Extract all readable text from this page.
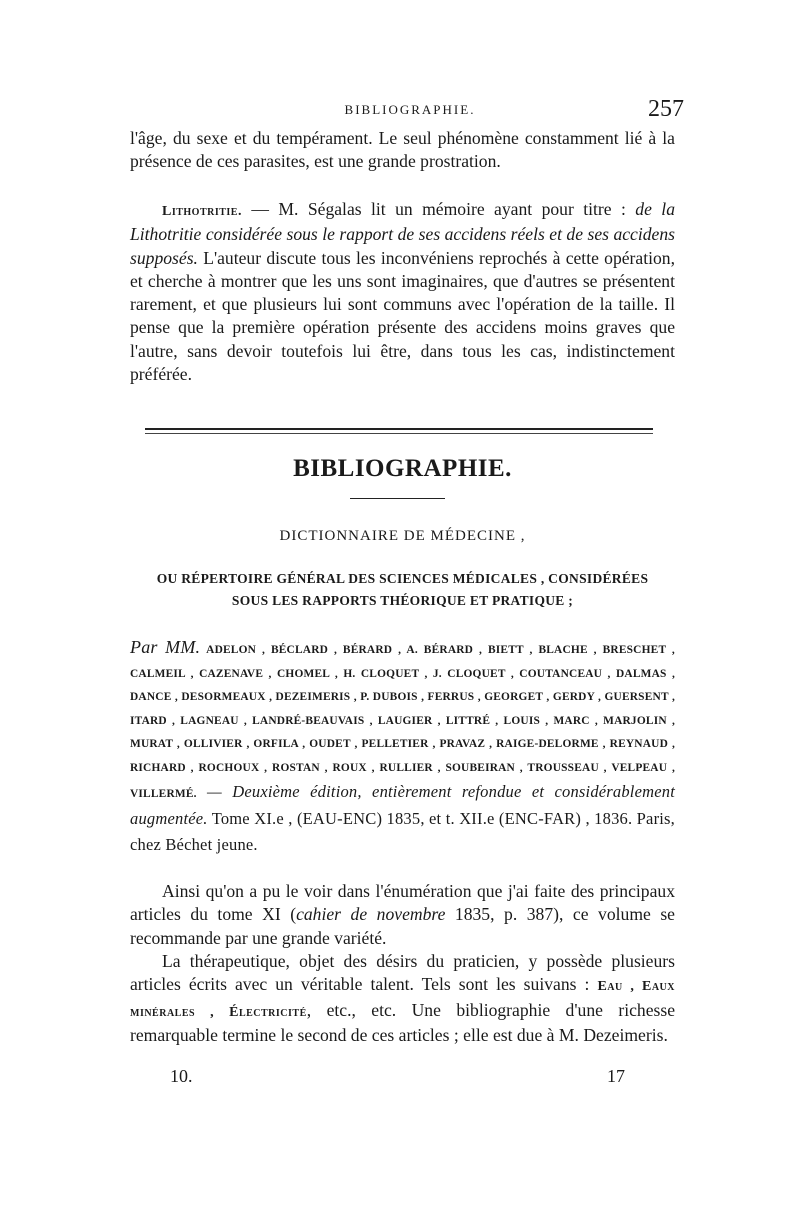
BIBLIOGRAPHIE.	257

l'âge, du sexe et du tempérament. Le seul phénomène constamment lié à la présence de ces parasites, est une grande prostration.

Lithotritie. — M. Ségalas lit un mémoire ayant pour titre : de la Lithotritie considérée sous le rapport de ses accidens réels et de ses accidens supposés. L'auteur discute tous les inconvéniens reprochés à cette opération, et cherche à montrer que les uns sont imaginaires, que d'autres se présentent rarement, et que plusieurs lui sont communs avec l'opération de la taille. Il pense que la première opération présente des accidens moins graves que l'autre, sans devoir toutefois lui être, dans tous les cas, indistinctement préférée.

BIBLIOGRAPHIE.
DICTIONNAIRE DE MÉDECINE ,
OU RÉPERTOIRE GÉNÉRAL DES SCIENCES MÉDICALES , CONSIDÉRÉES
SOUS LES RAPPORTS THÉORIQUE ET PRATIQUE ;
Par MM. ADELON , BÉCLARD , BÉRARD , A. BÉRARD , BIETT , BLACHE , BRESCHET , CALMEIL , CAZENAVE , CHOMEL , H. CLOQUET , J. CLOQUET , COUTANCEAU , DALMAS , DANCE , DESORMEAUX , DEZEIMERIS , P. DUBOIS , FERRUS , GEORGET , GERDY , GUERSENT , ITARD , LAGNEAU , LANDRÉ-BEAUVAIS , LAUGIER , LITTRÉ , LOUIS , MARC , MARJOLIN , MURAT , OLLIVIER , ORFILA , OUDET , PELLETIER , PRAVAZ , RAIGE-DELORME , REYNAUD , RICHARD , ROCHOUX , ROSTAN , ROUX , RULLIER , SOUBEIRAN , TROUSSEAU , VELPEAU , VILLERMÉ. — Deuxième édition, entièrement refondue et considérablement augmentée. Tome XI.e , (EAU-ENC) 1835, et t. XII.e (ENC-FAR) , 1836. Paris, chez Béchet jeune.

Ainsi qu'on a pu le voir dans l'énumération que j'ai faite des principaux articles du tome XI (cahier de novembre 1835, p. 387), ce volume se recommande par une grande variété.

La thérapeutique, objet des désirs du praticien, y possède plusieurs articles écrits avec un véritable talent. Tels sont les suivans : Eau , Eaux minérales , Électricité, etc., etc. Une bibliographie d'une richesse remarquable termine le second de ces articles ; elle est due à M. Dezeimeris.

10.	17
